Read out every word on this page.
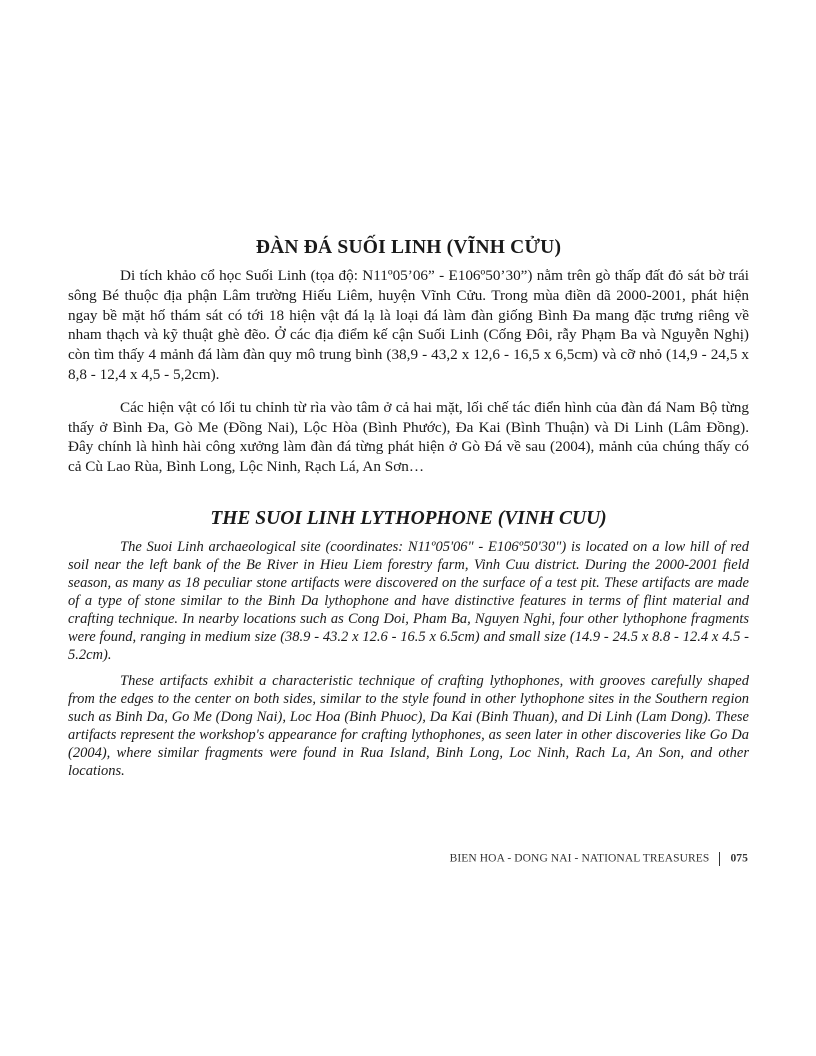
ĐÀN ĐÁ SUỐI LINH (VĨNH CỬU)

Di tích khảo cổ học Suối Linh (tọa độ: N11º05’06” - E106º50’30”) nằm trên gò thấp đất đỏ sát bờ trái sông Bé thuộc địa phận Lâm trường Hiếu Liêm, huyện Vĩnh Cửu. Trong mùa điền dã 2000-2001, phát hiện ngay bề mặt hố thám sát có tới 18 hiện vật đá lạ là loại đá làm đàn giống Bình Đa mang đặc trưng riêng về nham thạch và kỹ thuật ghè đẽo. Ở các địa điểm kế cận Suối Linh (Cống Đôi, rẫy Phạm Ba và Nguyễn Nghị) còn tìm thấy 4 mảnh đá làm đàn quy mô trung bình (38,9 - 43,2 x 12,6 - 16,5 x 6,5cm) và cỡ nhỏ (14,9 - 24,5 x 8,8 - 12,4 x 4,5 - 5,2cm).

Các hiện vật có lối tu chỉnh từ rìa vào tâm ở cả hai mặt, lối chế tác điển hình của đàn đá Nam Bộ từng thấy ở Bình Đa, Gò Me (Đồng Nai), Lộc Hòa (Bình Phước), Đa Kai (Bình Thuận) và Di Linh (Lâm Đồng). Đây chính là hình hài công xưởng làm đàn đá từng phát hiện ở Gò Đá về sau (2004), mảnh của chúng thấy có cả Cù Lao Rùa, Bình Long, Lộc Ninh, Rạch Lá, An Sơn…

THE SUOI LINH LYTHOPHONE (VINH CUU)

The Suoi Linh archaeological site (coordinates: N11º05'06" - E106º50'30") is located on a low hill of red soil near the left bank of the Be River in Hieu Liem forestry farm, Vinh Cuu district. During the 2000-2001 field season, as many as 18 peculiar stone artifacts were discovered on the surface of a test pit. These artifacts are made of a type of stone similar to the Binh Da lythophone and have distinctive features in terms of flint material and crafting technique. In nearby locations such as Cong Doi, Pham Ba, Nguyen Nghi, four other lythophone fragments were found, ranging in medium size (38.9 - 43.2 x 12.6 - 16.5 x 6.5cm) and small size (14.9 - 24.5 x 8.8 - 12.4 x 4.5 - 5.2cm).

These artifacts exhibit a characteristic technique of crafting lythophones, with grooves carefully shaped from the edges to the center on both sides, similar to the style found in other lythophone sites in the Southern region such as Binh Da, Go Me (Dong Nai), Loc Hoa (Binh Phuoc), Da Kai (Binh Thuan), and Di Linh (Lam Dong). These artifacts represent the workshop's appearance for crafting lythophones, as seen later in other discoveries like Go Da (2004), where similar fragments were found in Rua Island, Binh Long, Loc Ninh, Rach La, An Son, and other locations.

BIEN HOA - DONG NAI - NATIONAL TREASURES 075
